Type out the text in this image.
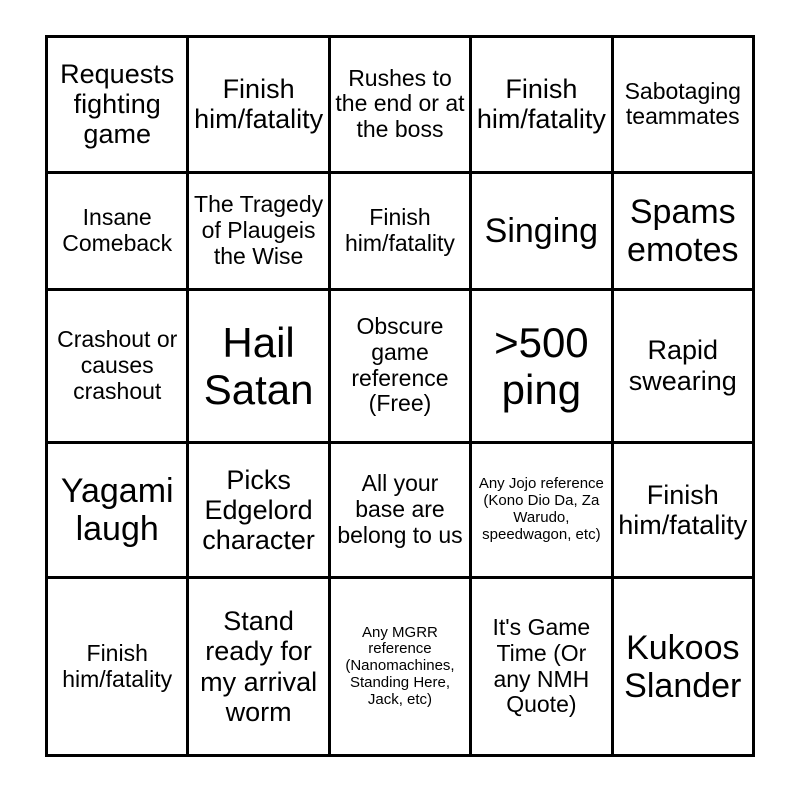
Requests fighting game	Finish him/fatality	Rushes to the end or at the boss	Finish him/fatality	Sabotaging teammates
Insane Comeback	The Tragedy of Plaugeis the Wise	Finish him/fatality	Singing	Spams emotes
Crashout or causes crashout	Hail Satan	Obscure game reference (Free)	>500 ping	Rapid swearing
Yagami laugh	Picks Edgelord character	All your base are belong to us	Any Jojo reference (Kono Dio Da, Za Warudo, speedwagon, etc)	Finish him/fatality
Finish him/fatality	Stand ready for my arrival worm	Any MGRR reference (Nanomachines, Standing Here, Jack, etc)	It's Game Time (Or any NMH Quote)	Kukoos Slander
